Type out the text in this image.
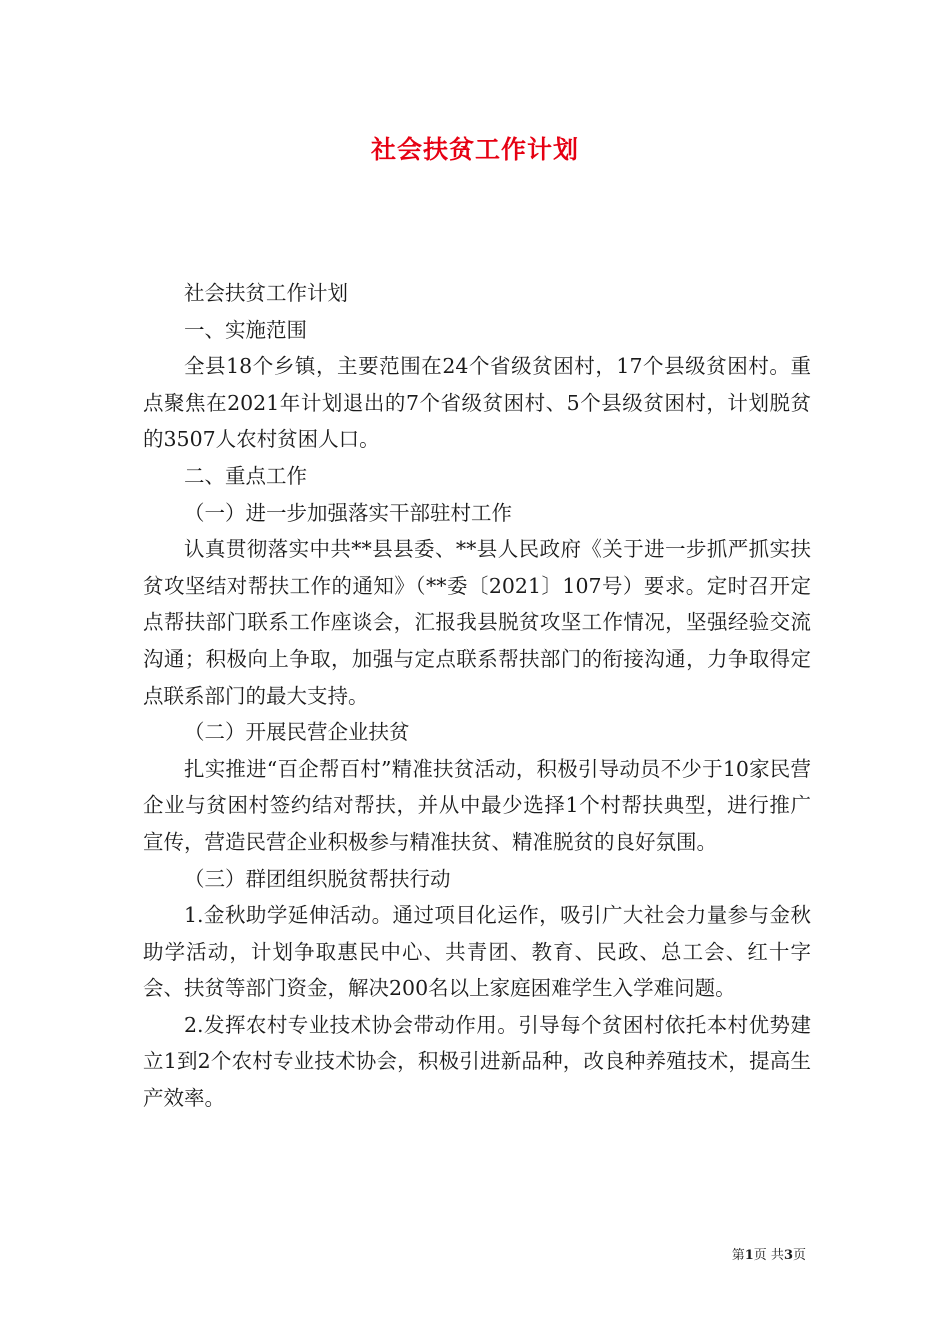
社会扶贫工作计划

社会扶贫工作计划

一、实施范围

全县18个乡镇，主要范围在24个省级贫困村，17个县级贫困村。重点聚焦在2021年计划退出的7个省级贫困村、5个县级贫困村，计划脱贫的3507人农村贫困人口。

二、重点工作

（一）进一步加强落实干部驻村工作

认真贯彻落实中共**县县委、**县人民政府《关于进一步抓严抓实扶贫攻坚结对帮扶工作的通知》（**委〔2021〕107号）要求。定时召开定点帮扶部门联系工作座谈会，汇报我县脱贫攻坚工作情况，坚强经验交流沟通；积极向上争取，加强与定点联系帮扶部门的衔接沟通，力争取得定点联系部门的最大支持。

（二）开展民营企业扶贫

扎实推进“百企帮百村”精准扶贫活动，积极引导动员不少于10家民营企业与贫困村签约结对帮扶，并从中最少选择1个村帮扶典型，进行推广宣传，营造民营企业积极参与精准扶贫、精准脱贫的良好氛围。

（三）群团组织脱贫帮扶行动

1.金秋助学延伸活动。通过项目化运作，吸引广大社会力量参与金秋助学活动，计划争取惠民中心、共青团、教育、民政、总工会、红十字会、扶贫等部门资金，解决200名以上家庭困难学生入学难问题。

2.发挥农村专业技术协会带动作用。引导每个贫困村依托本村优势建立1到2个农村专业技术协会，积极引进新品种，改良种养殖技术，提高生产效率。

第1页 共3页
